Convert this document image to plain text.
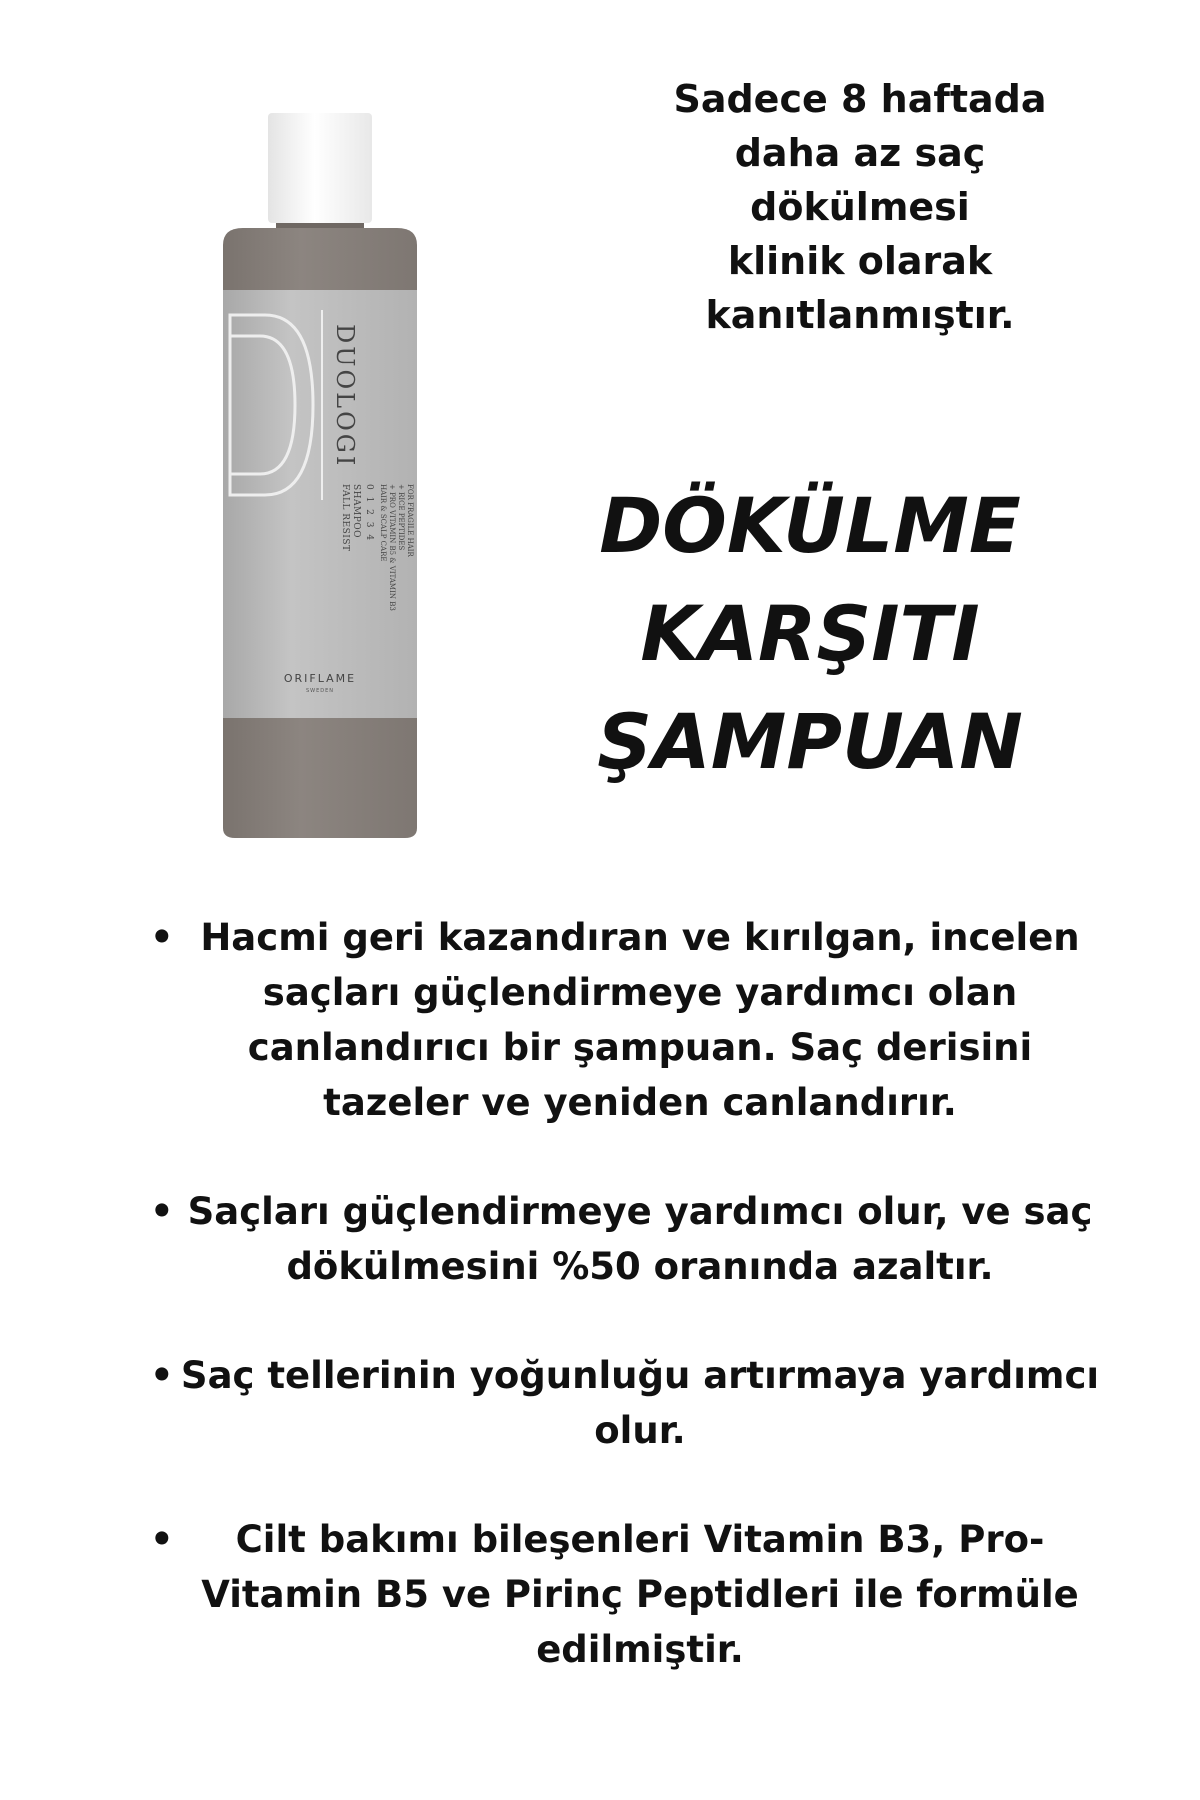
Sadece 8 haftada
daha az saç
dökülmesi
klinik olarak
kanıtlanmıştır.
DÖKÜLME
KARŞITI
ŞAMPUAN
DUOLOGI
FALL RESIST SHAMPOO 0 1 2 3 4 HAIR & SCALP CARE + PRO VITAMIN B5 & VITAMIN B3 + RICE PEPTIDES FOR FRAGILE HAIR
ORIFLAME
SWEDEN
• Hacmi geri kazandıran ve kırılgan, incelen saçları güçlendirmeye yardımcı olan canlandırıcı bir şampuan. Saç derisini tazeler ve yeniden canlandırır.
• Saçları güçlendirmeye yardımcı olur, ve saç dökülmesini %50 oranında azaltır.
• Saç tellerinin yoğunluğu artırmaya yardımcı olur.
•	Cilt bakımı bileşenleri Vitamin B3, Pro-Vitamin B5 ve Pirinç Peptidleri ile formüle edilmiştir.
